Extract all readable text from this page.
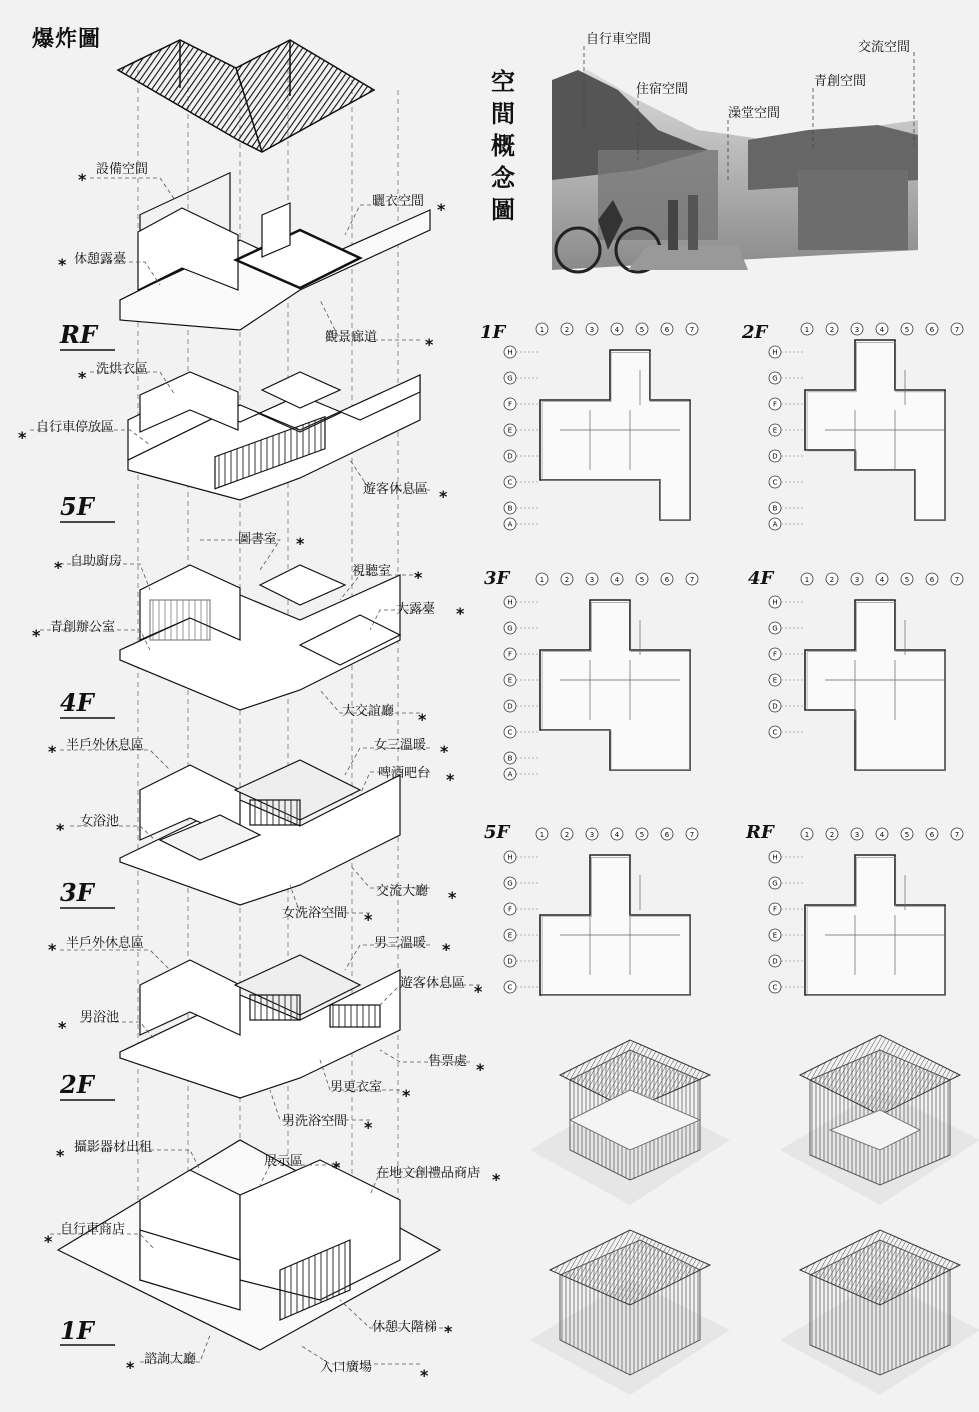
爆炸圖
空
間
概
念
圖
設備空間
*
曬衣空間 *
休憩露臺
*
觀景廊道	*
RF
洗烘衣區
*
自行車停放區
*
遊客休息區 *
5F
圖書室 *
自助廚房
*	視聽室 *
大露臺 *
青創辦公室
*
大交誼廳 *
4F
半戶外休息區
*	女三溫暖 *
啤酒吧台 *
女浴池
*
交流大廳 *
女洗浴空間 *
3F
半戶外休息區
*	男三溫暖 *
遊客休息區 *
男浴池
*
售票處 *
男更衣室 *
男洗浴空間 *
2F
攝影器材出租
*	展示區 *	在地文創禮品商店 *
自行車商店
*
休憩大階梯 *
諮詢大廳
*	入口廣場	*
1F
自行車空間
住宿空間
澡堂空間
青創空間
交流空間
1	2	3	4	5	6	7
H
G
F
E
D
C
B
A
1	2	3	4	5	6	7
H
G
F
E
D
C
B
A
1	2	3	4	5	6	7
H
G
F
E
D
C
B
A
1	2	3	4	5	6	7
H
G
F
E
D
C
1	2	3	4	5	6	7
H
G
F
E
D
C
1	2	3	4	5	6	7
H
G
F
E
D
C
1F	2F
3F	4F
5F	RF
